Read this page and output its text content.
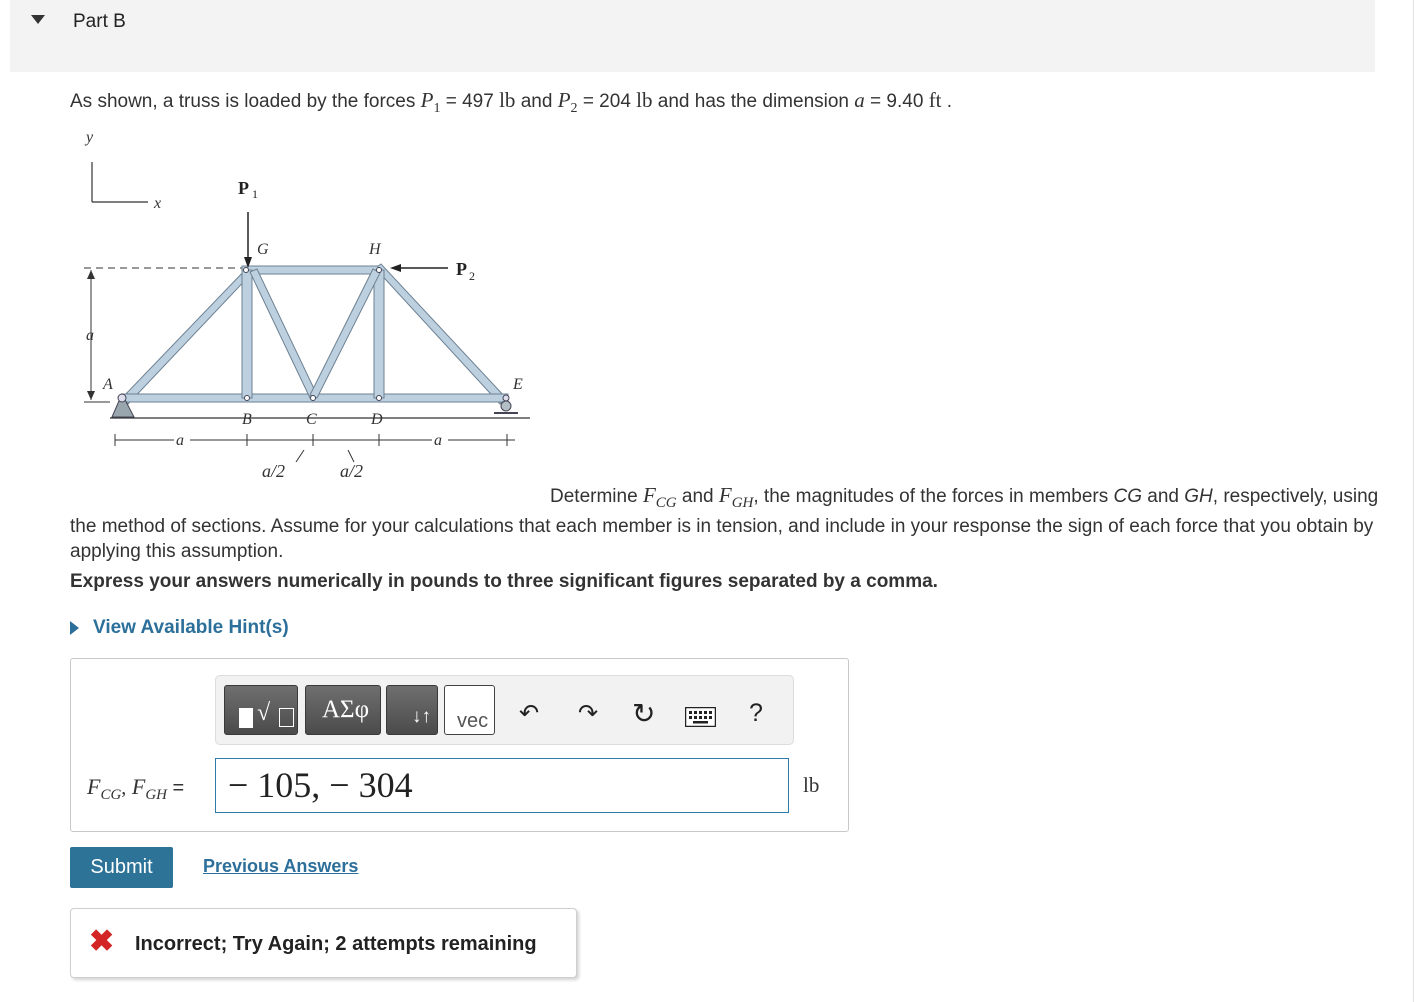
Part B
As shown, a truss is loaded by the forces $P_1 = 497$ lb and $P_2 = 204$ lb and has the dimension a = 9.40 ft .
y
x
a
P 1
P 2
G	H
A
B	C	D
E
a	a
a/2	a/2
Determine $F_{CG}$ and $F_{GH}$, the magnitudes of the forces in members CG and GH, respectively, using the method of sections. Assume for your calculations that each member is in tension, and include in your response the sign of each force that you obtain by applying this assumption.
Express your answers numerically in pounds to three significant figures separated by a comma.
View Available Hint(s)
√ ΑΣφ ↓↑ vec ↶ ↷ ↻	?
$F_{CG}$, $F_{GH}$ =	− 105, − 304	lb
Submit	Previous Answers
✖ Incorrect; Try Again; 2 attempts remaining
